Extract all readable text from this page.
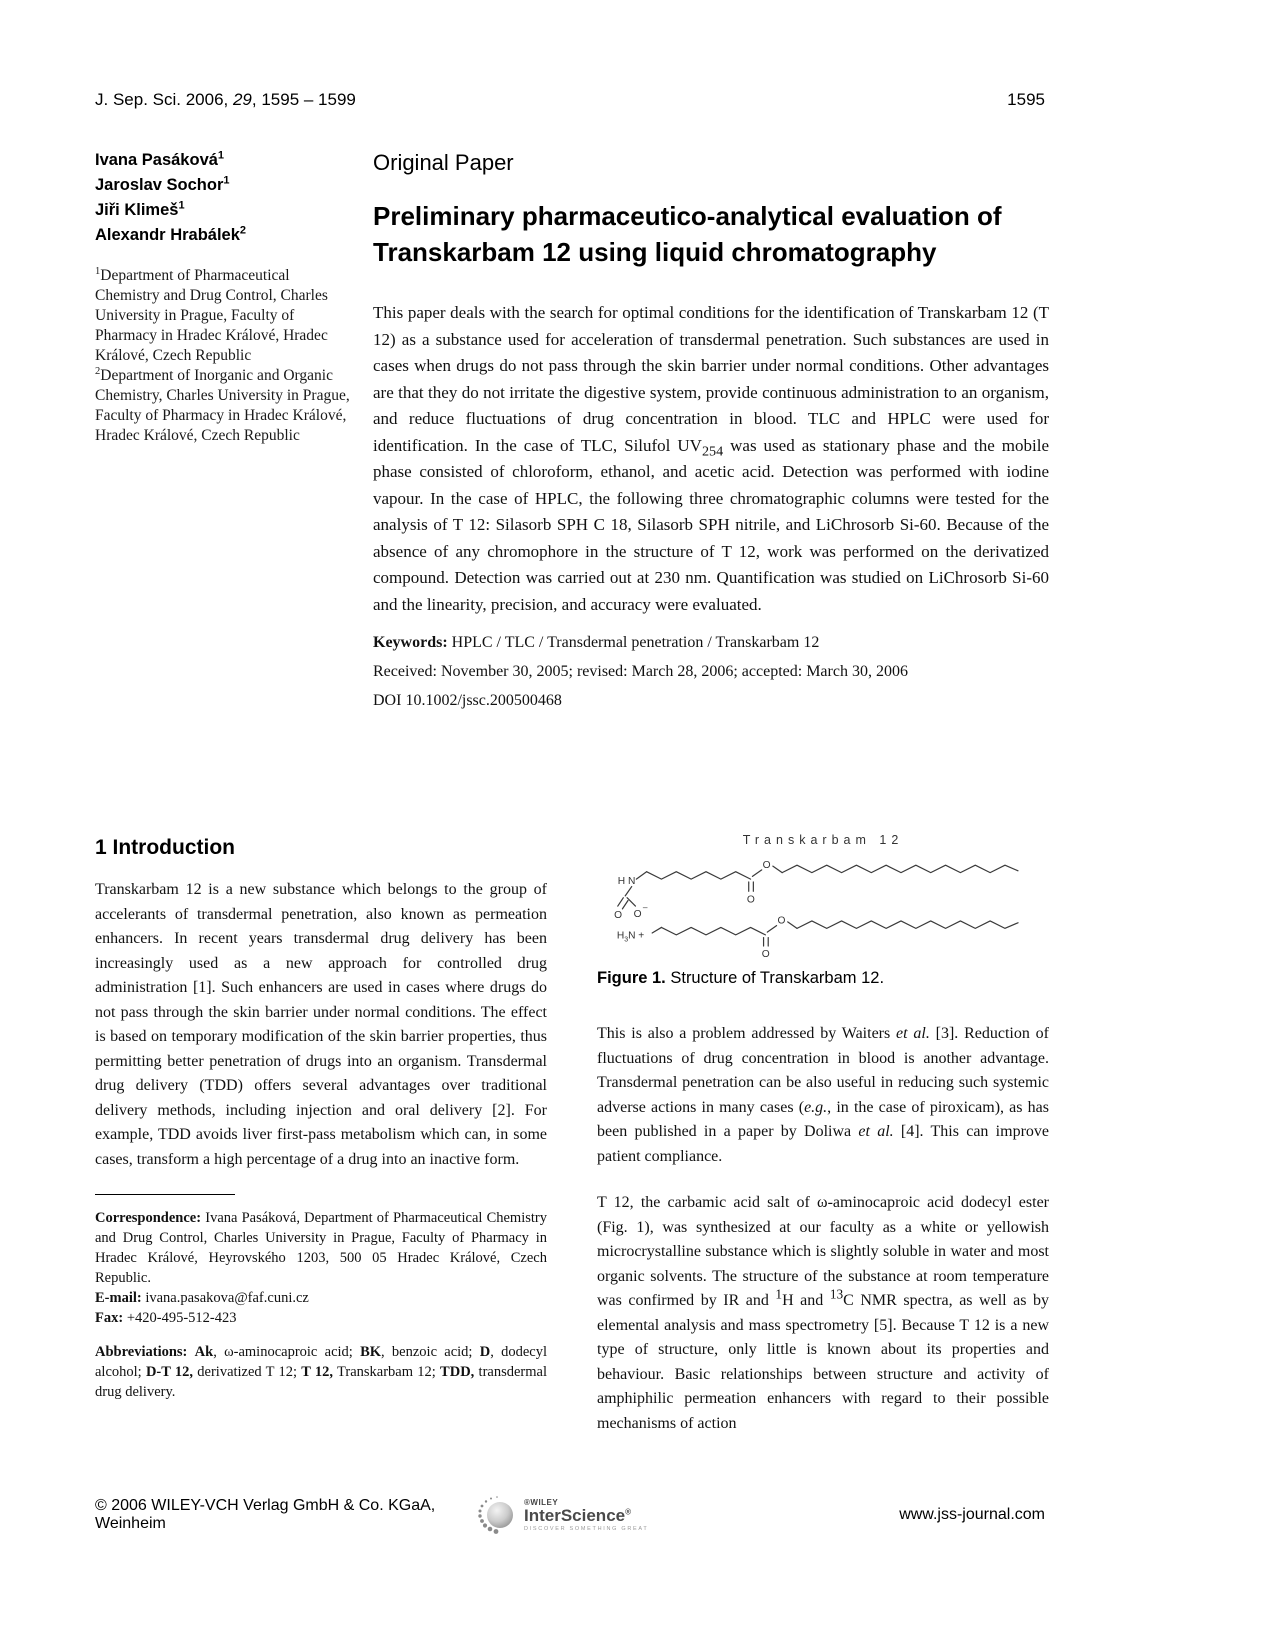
J. Sep. Sci. 2006, 29, 1595 – 1599	1595
Ivana Pasáková$^1$
Jaroslav Sochor$^1$
Jiři Klimeš$^1$
Alexandr Hrabálek$^2$
Original Paper
Preliminary pharmaceutico-analytical evaluation of Transkarbam 12 using liquid chromatography

$^1$Department of Pharmaceutical Chemistry and Drug Control, Charles University in Prague, Faculty of Pharmacy in Hradec Králové, Hradec Králové, Czech Republic

$^2$Department of Inorganic and Organic Chemistry, Charles University in Prague, Faculty of Pharmacy in Hradec Králové, Hradec Králové, Czech Republic

This paper deals with the search for optimal conditions for the identification of Transkarbam 12 (T 12) as a substance used for acceleration of transdermal penetration. Such substances are used in cases when drugs do not pass through the skin barrier under normal conditions. Other advantages are that they do not irritate the digestive system, provide continuous administration to an organism, and reduce fluctuations of drug concentration in blood. TLC and HPLC were used for identification. In the case of TLC, Silufol $UV_{254}$ was used as stationary phase and the mobile phase consisted of chloroform, ethanol, and acetic acid. Detection was performed with iodine vapour. In the case of HPLC, the following three chromatographic columns were tested for the analysis of T 12: Silasorb SPH C 18, Silasorb SPH nitrile, and LiChrosorb Si-60. Because of the absence of any chromophore in the structure of T 12, work was performed on the derivatized compound. Detection was carried out at 230 nm. Quantification was studied on LiChrosorb Si-60 and the linearity, precision, and accuracy were evaluated.

Keywords: HPLC / TLC / Transdermal penetration / Transkarbam 12

Received: November 30, 2005; revised: March 28, 2006; accepted: March 30, 2006

DOI 10.1002/jssc.200500468

1 Introduction

Transkarbam 12 is a new substance which belongs to the group of accelerants of transdermal penetration, also known as permeation enhancers. In recent years transdermal drug delivery has been increasingly used as a new approach for controlled drug administration [1]. Such enhancers are used in cases where drugs do not pass through the skin barrier under normal conditions. The effect is based on temporary modification of the skin barrier properties, thus permitting better penetration of drugs into an organism. Transdermal drug delivery (TDD) offers several advantages over traditional delivery methods, including injection and oral delivery [2]. For example, TDD avoids liver first-pass metabolism which can, in some cases, transform a high percentage of a drug into an inactive form.

Correspondence: Ivana Pasáková, Department of Pharmaceutical Chemistry and Drug Control, Charles University in Prague, Faculty of Pharmacy in Hradec Králové, Heyrovského 1203, 500 05 Hradec Králové, Czech Republic.

E-mail: ivana.pasakova@faf.cuni.cz

Fax: +420-495-512-423

Abbreviations: Ak, ω-aminocaproic acid; BK, benzoic acid; D, dodecyl alcohol; D-T 12, derivatized T 12; T 12, Transkarbam 12; TDD, transdermal drug delivery.

Transkarbam 12
H N
O
O
O O
–
$H_3N$ +
O
O
Figure 1. Structure of Transkarbam 12.

This is also a problem addressed by Waiters et al. [3]. Reduction of fluctuations of drug concentration in blood is another advantage. Transdermal penetration can be also useful in reducing such systemic adverse actions in many cases (e.g., in the case of piroxicam), as has been published in a paper by Doliwa et al. [4]. This can improve patient compliance.

T 12, the carbamic acid salt of ω-aminocaproic acid dodecyl ester (Fig. 1), was synthesized at our faculty as a white or yellowish microcrystalline substance which is slightly soluble in water and most organic solvents. The structure of the substance at room temperature was confirmed by IR and $^1$H and $^{13}$C NMR spectra, as well as by elemental analysis and mass spectrometry [5]. Because T 12 is a new type of structure, only little is known about its properties and behaviour. Basic relationships between structure and activity of amphiphilic permeation enhancers with regard to their possible mechanisms of action

© 2006 WILEY-VCH Verlag GmbH & Co. KGaA, Weinheim
®WILEY
InterScience®
DISCOVER SOMETHING GREAT
www.jss-journal.com
